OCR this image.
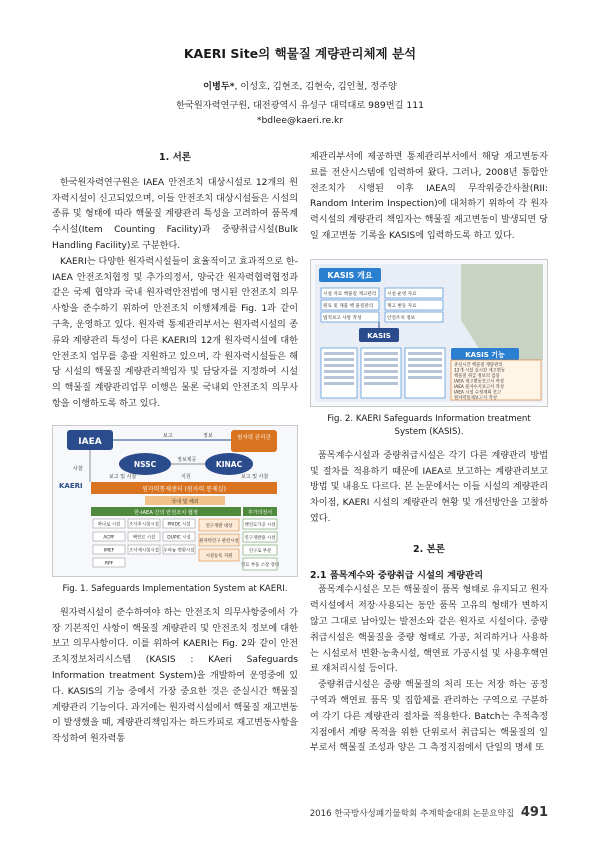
KAERI Site의 핵물질 계량관리체제 분석
이병두*, 이성호, 김현조, 김현숙, 김인철, 정주양
한국원자력연구원, 대전광역시 유성구 대덕대로 989번길 111
*bdlee@kaeri.re.kr
1. 서론

한국원자력연구원은 IAEA 안전조치 대상시설로 12개의 원자력시설이 신고되었으며, 이들 안전조치 대상시설들은 시설의 종류 및 형태에 따라 핵물질 계량관리 특성을 고려하여 품목계수시설(Item Counting Facility)과 중량취급시설(Bulk Handling Facility)로 구분한다.

KAERI는 다양한 원자력시설들이 효율적이고 효과적으로 한-IAEA 안전조치협정 및 추가의정서, 양국간 원자력협력협정과 같은 국제 협약과 국내 원자력안전법에 명시된 안전조치 의무사항을 준수하기 위하여 안전조치 이행체계를 Fig. 1과 같이 구축, 운영하고 있다. 원자력 통제관리부서는 원자력시설의 종류와 계량관리 특성이 다른 KAERI의 12개 원자력시설에 대한 안전조치 업무를 총괄 지원하고 있으며, 각 원자력시설들은 해당 시설의 핵물질 계량관리책임자 및 담당자를 지정하여 시설의 핵물질 계량관리업무 이행은 물론 국내외 안전조치 의무사항을 이행하도록 하고 있다.

IAEA	원자력 관리관
보고	정보
NSSC	KINAC
사찰
보고 및 사찰
정보제공
지원	보고 및 사찰
KAERI	원자력통제센터 (원자력 통제실)
국내 및 해외
한-IAEA 간의 안전조치 협정	추가의정서
하나로 시설 조사후시험시설 PRIDE 시설
ACPF	핵연료 시설	DUPIC 시설
IMEF	조사재시험시설 우라늄 변환시설
RPF
연구개발 대상
원자력연구 관련시설
시설등록 지원
핵연료가공 시설
연구개발용 시설
연구로 부분
연료 부품 소장 장비
Fig. 1. Safeguards Implementation System at KAERI.

원자력시설이 준수하여야 하는 안전조치 의무사항중에서 가장 기본적인 사항이 핵물질 계량관리 및 안전조치 정보에 대한 보고 의무사항이다. 이를 위하여 KAERI는 Fig. 2와 같이 안전조치정보처리시스템 (KASIS : KAeri Safeguards Information treatment System)을 개발하여 운영중에 있다. KASIS의 기능 중에서 가장 중요한 것은 준실시간 핵물질 계량관리 기능이다. 과거에는 원자력시설에서 핵물질 재고변동이 발생했을 때, 계량관리책임자는 하드카피로 재고변동사항을 작성하여 원자력통

제관리부서에 제공하면 통제관리부서에서 해당 재고변동자료를 전산시스템에 입력하여 왔다. 그러나, 2008년 통합안전조치가 시행된 이후 IAEA의 무작위중간사찰(RII: Random Interim Inspection)에 대처하기 위하여 각 원자력시설의 계량관리 책임자는 핵물질 재고변동이 발생되면 당일 재고변동 기록을 KASIS에 입력하도록 하고 있다.

KASIS 개요
시설 자료 핵물질 재고관리
원료 및 제품 핵 물질관리
법적보고 사항 작성
시설 운영 자료
재고 변동 자료
안전조치 정보
KASIS
KASIS 기능
준실시간 핵물질 계량관리
12개 시설 실시간 재고변동
핵물질 취급 정보의 검증
IAEA 재고변동보고서 작성
IAEA 물자수지보고서 작성
IAEA 시설 수정계획 보고
원자력통제보고서 작성
Fig. 2. KAERI Safeguards Information treatment System (KASIS).

품목계수시설과 중량취급시설은 각기 다른 계량관리 방법 및 절차를 적용하기 때문에 IAEA로 보고하는 계량관리보고 방법 및 내용도 다르다. 본 논문에서는 이들 시설의 계량관리 차이점, KAERI 시설의 계량관리 현황 및 개선방안을 고찰하였다.

2. 본론
2.1 품목계수와 중량취급 시설의 계량관리

품목계수시설은 모든 핵물질이 품목 형태로 유지되고 원자력시설에서 저장·사용되는 동안 품목 고유의 형태가 변하지 않고 그대로 남아있는 발전소와 같은 원자로 시설이다. 중량취급시설은 핵물질을 중량 형태로 가공, 처리하거나 사용하는 시설로서 변환·농축시설, 핵연료 가공시설 및 사용후핵연료 재처리시설 등이다.

중량취급시설은 중량 핵물질의 처리 또는 저장 하는 공정구역과 핵연료 품목 및 집합체를 관리하는 구역으로 구분하여 각기 다른 계량관리 절차를 적용한다. Batch는 추적측정지점에서 계량 목적을 위한 단위로서 취급되는 핵물질의 일부로서 핵물질 조성과 양은 그 측정지점에서 단일의 명세 또

2016 한국방사성폐기물학회 추계학술대회 논문요약집 491
